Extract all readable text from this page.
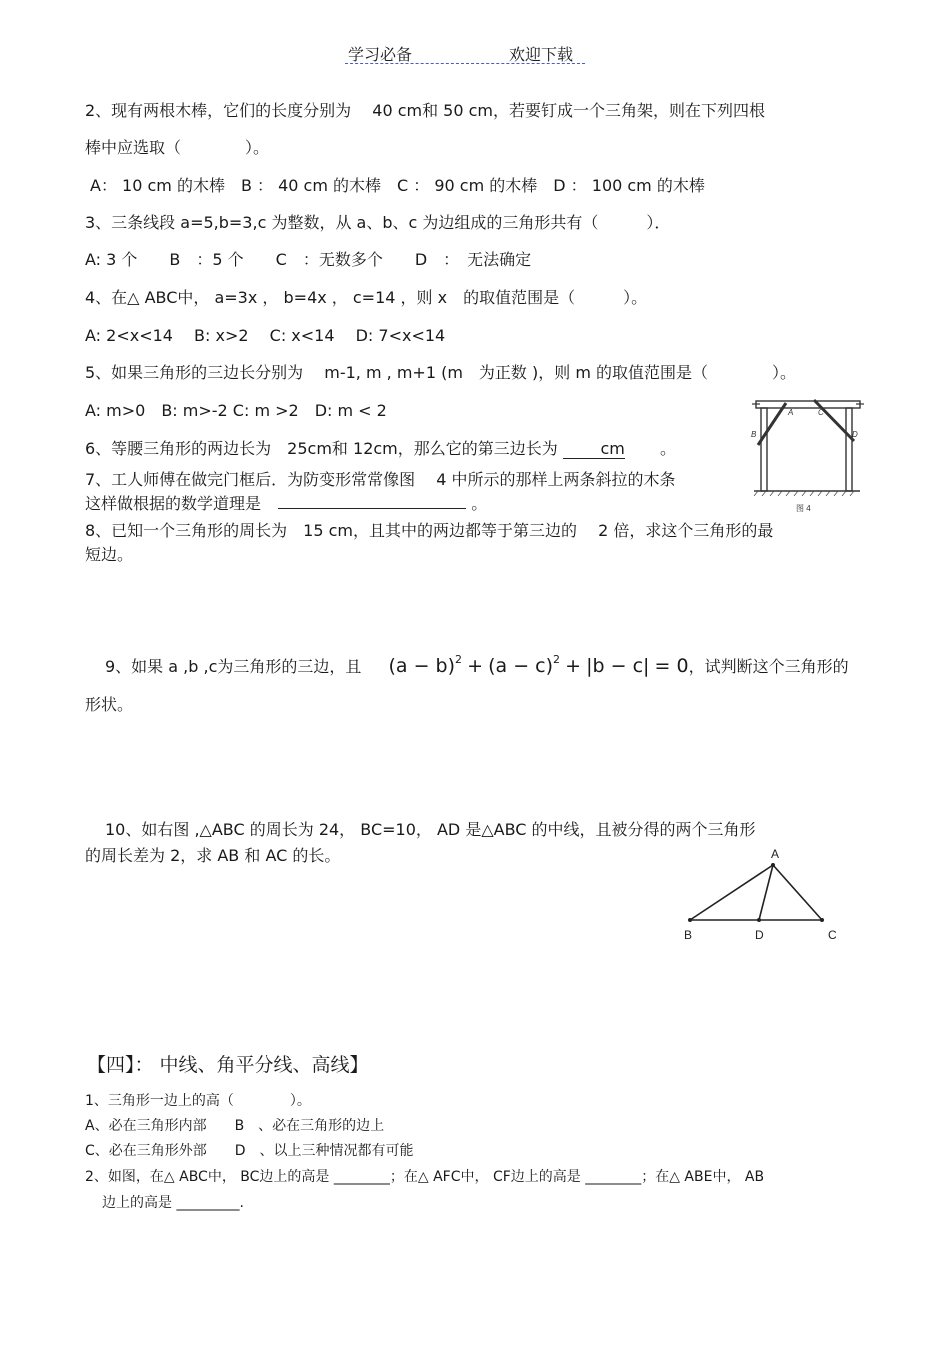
学习必备	欢迎下载
2、现有两根木棒，它们的长度分别为　 40 cm和 50 cm，若要钉成一个三角架，则在下列四根
棒中应选取（　　　　）。
A： 10 cm 的木棒　B ： 40 cm 的木棒　C ： 90 cm 的木棒　D ： 100 cm 的木棒
3、三条线段 a=5,b=3,c 为整数，从 a、b、c 为边组成的三角形共有（　　　）．
A: 3 个　　B　：5 个　　C　：无数多个　　D　：　无法确定
4、在△ ABC中， a=3x ， b=4x ， c=14 ，则 x　的取值范围是（　　　）。
A: 2<x<14　 B: x>2　 C: x<14　 D: 7<x<14
5、如果三角形的三边长分别为　 m-1, m , m+1 (m　为正数 )，则 m 的取值范围是（　　　　）。
A: m>0　B: m>-2 C: m >2　D: m < 2
6、等腰三角形的两边长为　25cm和 12cm，那么它的第三边长为	cm 。
7、工人师傅在做完门框后．为防变形常常像图　 4 中所示的那样上两条斜拉的木条
这样做根据的数学道理是	。
B
A	C
D
图 4
8、已知一个三角形的周长为　15 cm，且其中的两边都等于第三边的　 2 倍，求这个三角形的最
短边。
9、如果 a ,b ,c为三角形的三边，且 $(a - b)^2 + (a - c)^2 + |b - c| = 0$，试判断这个三角形的
形状。
10、如右图 ,△ABC 的周长为 24， BC=10， AD 是△ABC 的中线，且被分得的两个三角形
的周长差为 2，求 AB 和 AC 的长。	A
B	D	C
【四】： 中线、角平分线、高线】
1、三角形一边上的高（　　　　）。
A、必在三角形内部　　B　、必在三角形的边上
C、必在三角形外部　　D　、以上三种情况都有可能
2、如图，在△ ABC中， BC边上的高是 ________；在△ AFC中， CF边上的高是 ________；在△ ABE中， AB
边上的高是 _________.
